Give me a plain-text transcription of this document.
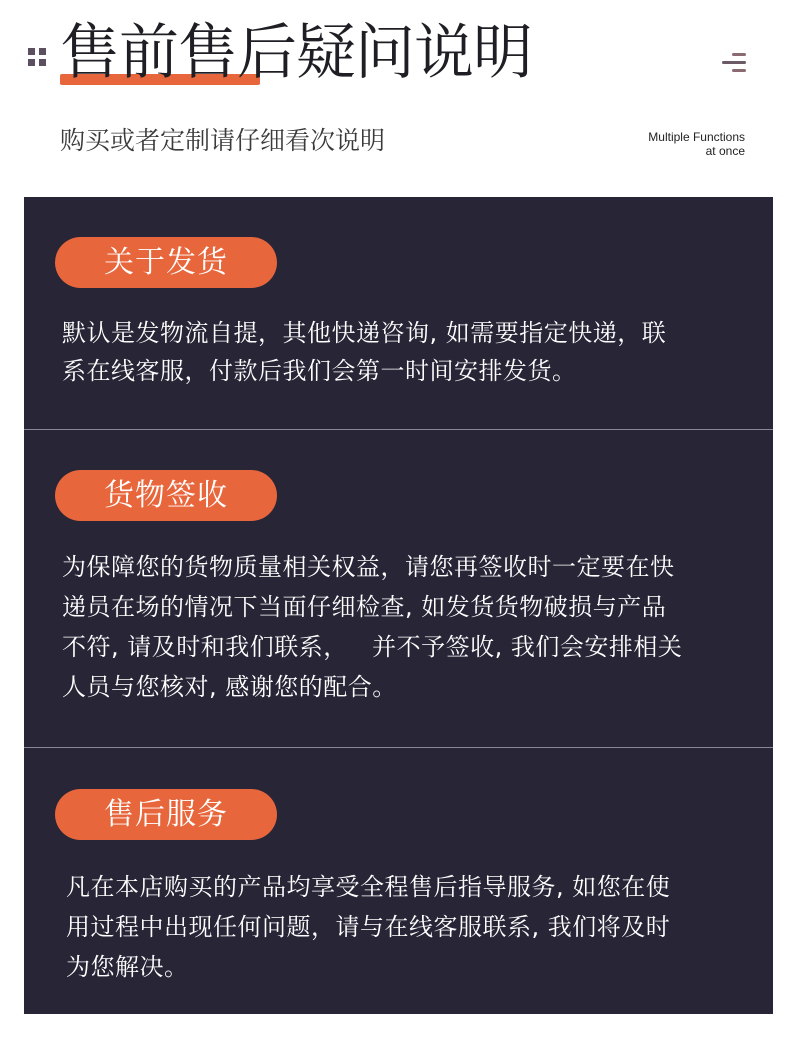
售前售后疑问说明
购买或者定制请仔细看次说明	Multiple Functions
at once
关于发货
默认是发物流自提，其他快递咨询, 如需要指定快递，联
系在线客服，付款后我们会第一时间安排发货。
货物签收
为保障您的货物质量相关权益，请您再签收时一定要在快
递员在场的情况下当面仔细检查, 如发货货物破损与产品
不符, 请及时和我们联系，   并不予签收, 我们会安排相关
人员与您核对, 感谢您的配合。
售后服务
凡在本店购买的产品均享受全程售后指导服务, 如您在使
用过程中出现任何问题，请与在线客服联系, 我们将及时
为您解决。
